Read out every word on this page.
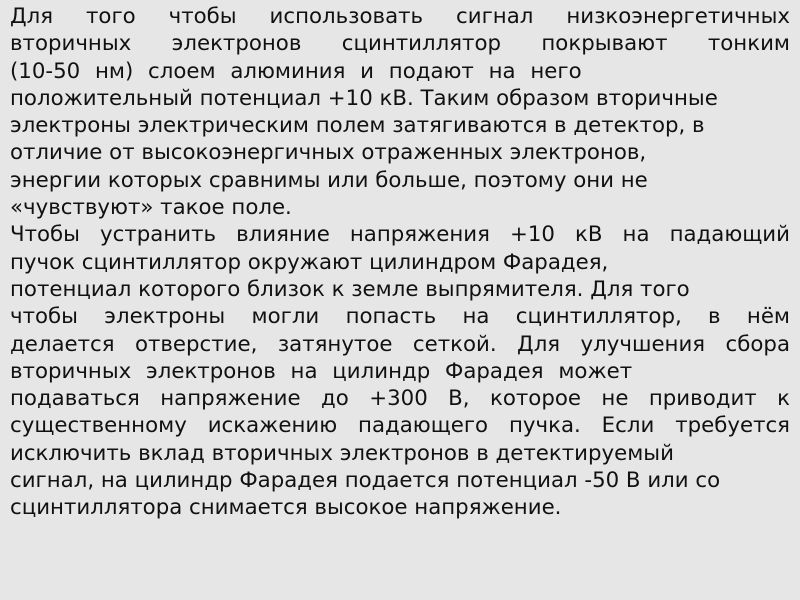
Для того чтобы использовать сигнал низкоэнергетичных
вторичных электронов сцинтиллятор покрывают тонким
(10-50 нм) слоем алюминия и подают на него
положительный потенциал +10 кВ. Таким образом вторичные
электроны электрическим полем затягиваются в детектор, в
отличие от высокоэнергичных отраженных электронов,
энергии которых сравнимы или больше, поэтому они не
«чувствуют» такое поле.
Чтобы устранить влияние напряжения +10 кВ на падающий
пучок сцинтиллятор окружают цилиндром Фарадея,
потенциал которого близок к земле выпрямителя. Для того
чтобы электроны могли попасть на сцинтиллятор, в нём
делается отверстие, затянутое сеткой. Для улучшения сбора
вторичных электронов на цилиндр Фарадея может
подаваться напряжение до +300 В, которое не приводит к
существенному искажению падающего пучка. Если требуется
исключить вклад вторичных электронов в детектируемый
сигнал, на цилиндр Фарадея подается потенциал -50 В или со
сцинтиллятора снимается высокое напряжение.
